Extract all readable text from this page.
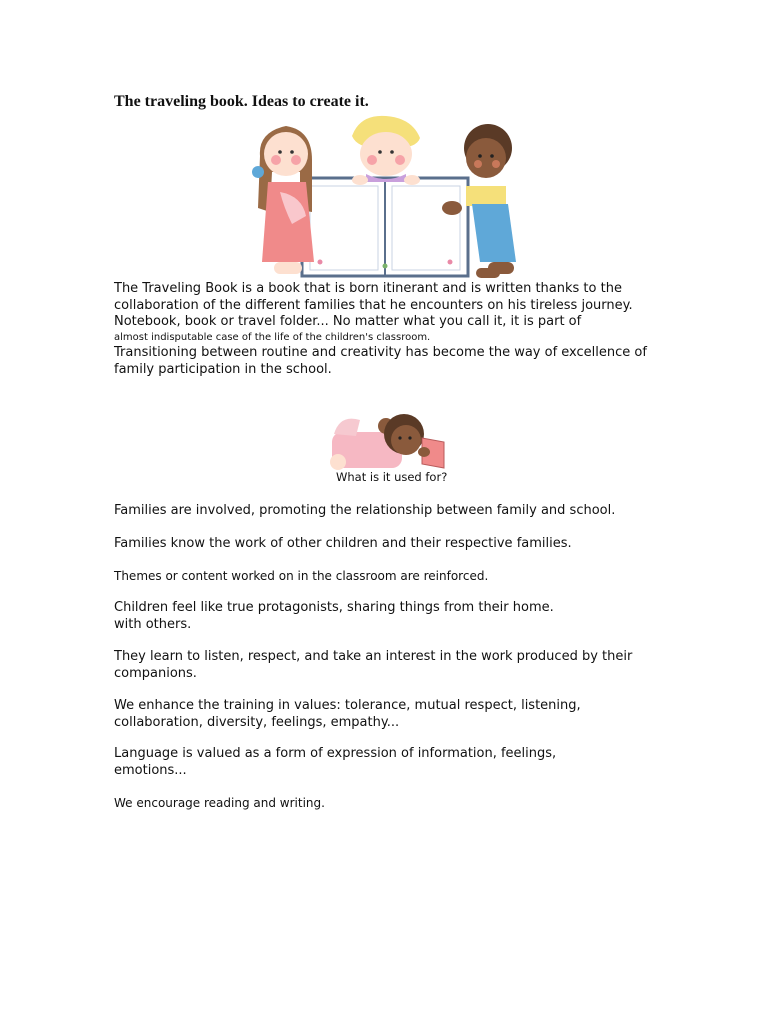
The traveling book. Ideas to create it.
The Traveling Book is a book that is born itinerant and is written thanks to the collaboration of the different families that he encounters on his tireless journey. Notebook, book or travel folder... No matter what you call it, it is part of
almost indisputable case of the life of the children's classroom.
Transitioning between routine and creativity has become the way of excellence of family participation in the school.
What is it used for?
Families are involved, promoting the relationship between family and school.
Families know the work of other children and their respective families.
Themes or content worked on in the classroom are reinforced.
Children feel like true protagonists, sharing things from their home. with others.
They learn to listen, respect, and take an interest in the work produced by their companions.
We enhance the training in values: tolerance, mutual respect, listening, collaboration, diversity, feelings, empathy...
Language is valued as a form of expression of information, feelings, emotions...
We encourage reading and writing.
